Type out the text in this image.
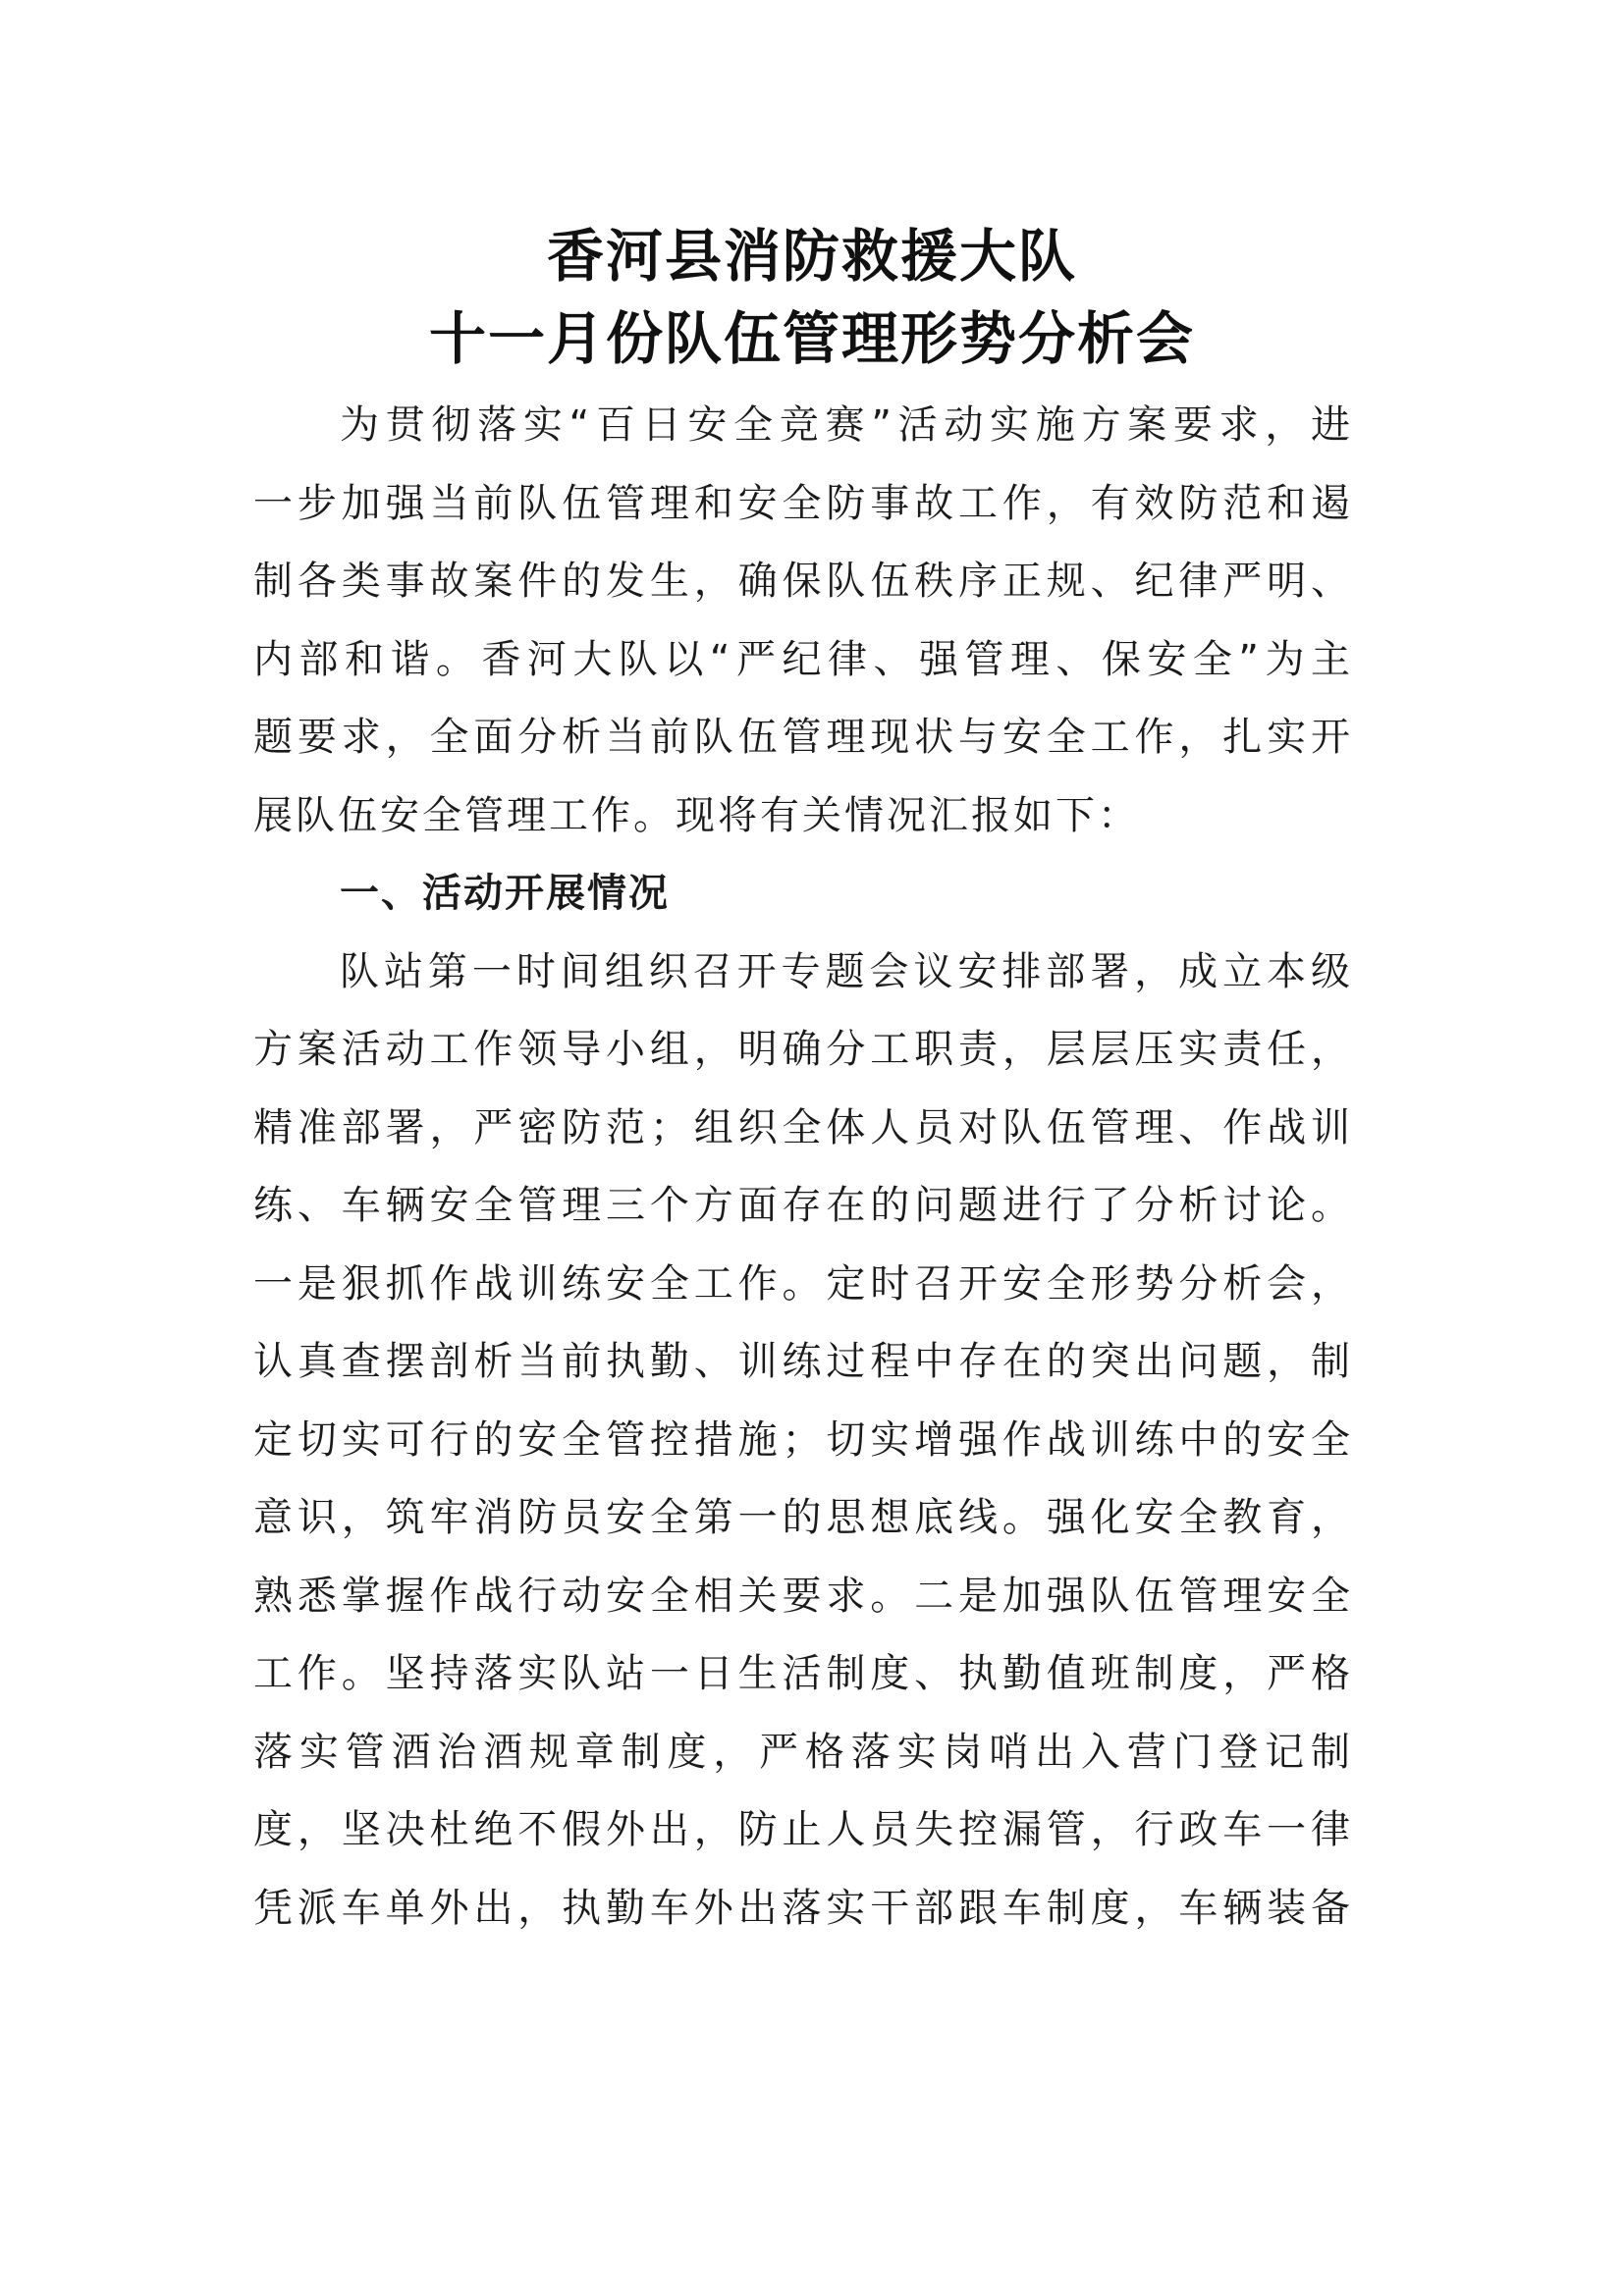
香河县消防救援大队
十一月份队伍管理形势分析会
为贯彻落实“百日安全竞赛”活动实施方案要求，进
一步加强当前队伍管理和安全防事故工作，有效防范和遏
制各类事故案件的发生，确保队伍秩序正规、纪律严明、
内部和谐。香河大队以“严纪律、强管理、保安全”为主
题要求，全面分析当前队伍管理现状与安全工作，扎实开
展队伍安全管理工作。现将有关情况汇报如下：
一、活动开展情况
队站第一时间组织召开专题会议安排部署，成立本级
方案活动工作领导小组，明确分工职责，层层压实责任，
精准部署，严密防范；组织全体人员对队伍管理、作战训
练、车辆安全管理三个方面存在的问题进行了分析讨论。
一是狠抓作战训练安全工作。定时召开安全形势分析会，
认真查摆剖析当前执勤、训练过程中存在的突出问题，制
定切实可行的安全管控措施；切实增强作战训练中的安全
意识，筑牢消防员安全第一的思想底线。强化安全教育，
熟悉掌握作战行动安全相关要求。二是加强队伍管理安全
工作。坚持落实队站一日生活制度、执勤值班制度，严格
落实管酒治酒规章制度，严格落实岗哨出入营门登记制
度，坚决杜绝不假外出，防止人员失控漏管，行政车一律
凭派车单外出，执勤车外出落实干部跟车制度，车辆装备
